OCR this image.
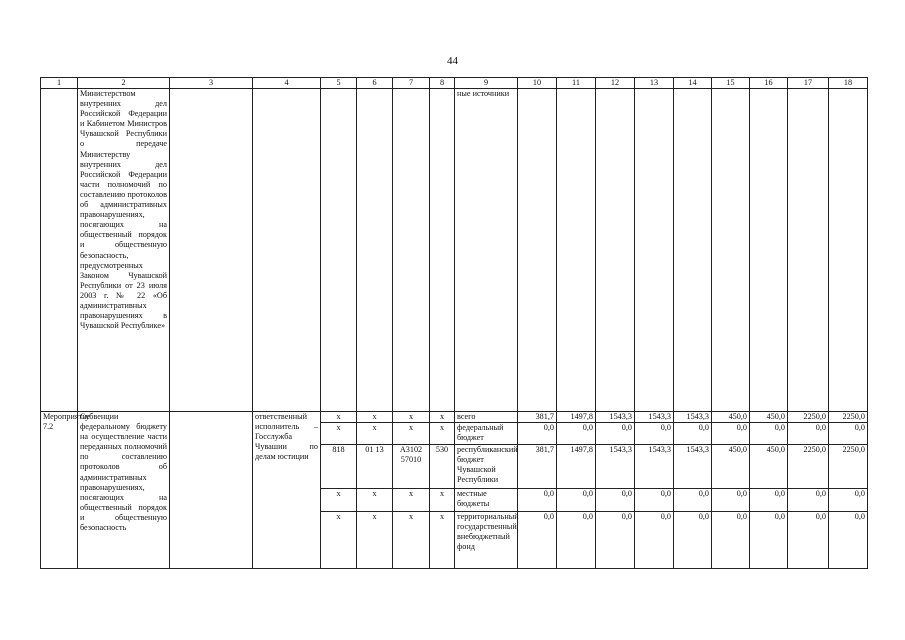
44
1	2	3	4	5	6	7	8	9	10	11	12	13	14	15	16	17	18
	Министерством внутренних дел Российской Федерации и Кабинетом Министров Чувашской Республики о передаче Министерству внутренних дел Российской Федерации части полномочий по составлению протоколов об административных правонарушениях, посягающих на общественный порядок и общественную безопасность, предусмотренных Законом Чувашской Республики от 23 июля 2003 г. № 22 «Об административных правонарушениях в Чувашской Республике»							ные источники									
Мероприятие 7.2	Субвенции федеральному бюджету на осуществление части переданных полномочий по составлению протоколов об административных правонарушениях, посягающих на общественный порядок и общественную безопасность		ответственный исполнитель – Госслужба Чувашии по делам юстиции	х	х	х	х	всего	381,7	1497,8	1543,3	1543,3	1543,3	450,0	450,0	2250,0	2250,0
				х	х	х	х	федеральный бюджет	0,0	0,0	0,0	0,0	0,0	0,0	0,0	0,0	0,0
				818	01 13	А3102 57010	530	республиканский бюджет Чувашской Республики	381,7	1497,8	1543,3	1543,3	1543,3	450,0	450,0	2250,0	2250,0
				х	х	х	х	местные бюджеты	0,0	0,0	0,0	0,0	0,0	0,0	0,0	0,0	0,0
				х	х	х	х	территориальный государственный внебюджетный фонд	0,0	0,0	0,0	0,0	0,0	0,0	0,0	0,0	0,0
